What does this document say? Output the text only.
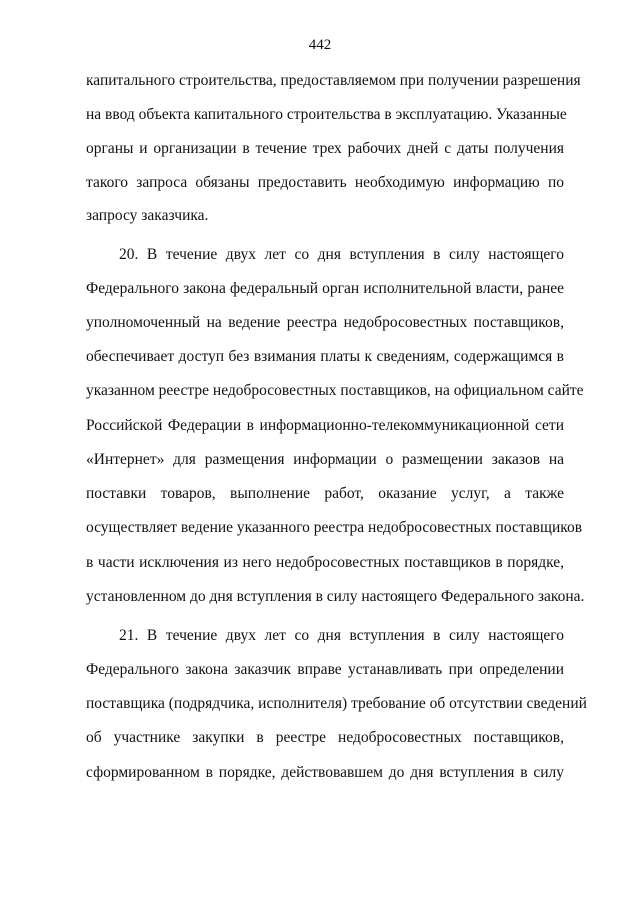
442
капитального строительства, предоставляемом при получении разрешения
на ввод объекта капитального строительства в эксплуатацию. Указанные
органы и организации в течение трех рабочих дней с даты получения
такого запроса обязаны предоставить необходимую информацию по
запросу заказчика.
20. В течение двух лет со дня вступления в силу настоящего
Федерального закона федеральный орган исполнительной власти, ранее
уполномоченный на ведение реестра недобросовестных поставщиков,
обеспечивает доступ без взимания платы к сведениям, содержащимся в
указанном реестре недобросовестных поставщиков, на официальном сайте
Российской Федерации в информационно-телекоммуникационной сети
«Интернет» для размещения информации о размещении заказов на
поставки товаров, выполнение работ, оказание услуг, а также
осуществляет ведение указанного реестра недобросовестных поставщиков
в части исключения из него недобросовестных поставщиков в порядке,
установленном до дня вступления в силу настоящего Федерального закона.
21. В течение двух лет со дня вступления в силу настоящего
Федерального закона заказчик вправе устанавливать при определении
поставщика (подрядчика, исполнителя) требование об отсутствии сведений
об участнике закупки в реестре недобросовестных поставщиков,
сформированном в порядке, действовавшем до дня вступления в силу
